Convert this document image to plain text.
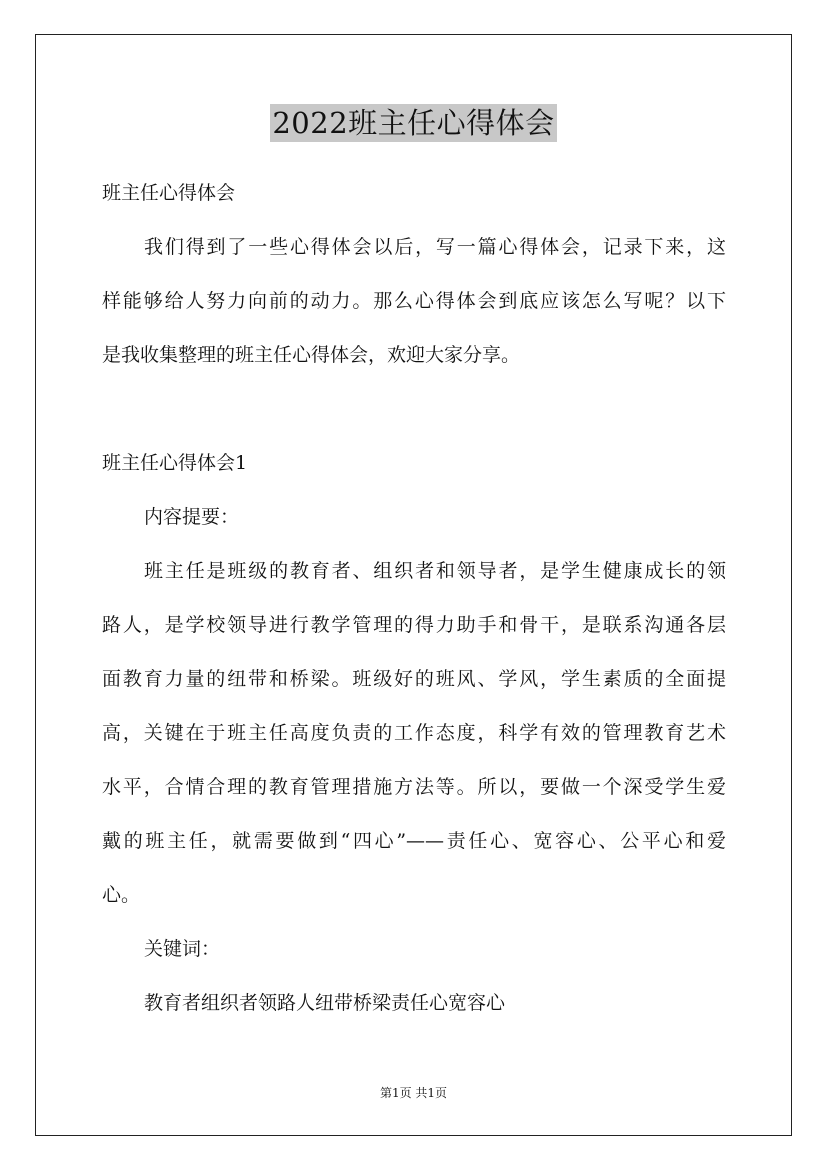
2022班主任心得体会
班主任心得体会
我们得到了一些心得体会以后，写一篇心得体会，记录下来，这
样能够给人努力向前的动力。那么心得体会到底应该怎么写呢？以下
是我收集整理的班主任心得体会，欢迎大家分享。
班主任心得体会1
内容提要：
班主任是班级的教育者、组织者和领导者，是学生健康成长的领
路人，是学校领导进行教学管理的得力助手和骨干，是联系沟通各层
面教育力量的纽带和桥梁。班级好的班风、学风，学生素质的全面提
高，关键在于班主任高度负责的工作态度，科学有效的管理教育艺术
水平，合情合理的教育管理措施方法等。所以，要做一个深受学生爱
戴的班主任，就需要做到“四心”——责任心、宽容心、公平心和爱
心。
关键词：
教育者组织者领路人纽带桥梁责任心宽容心
第1页 共1页
